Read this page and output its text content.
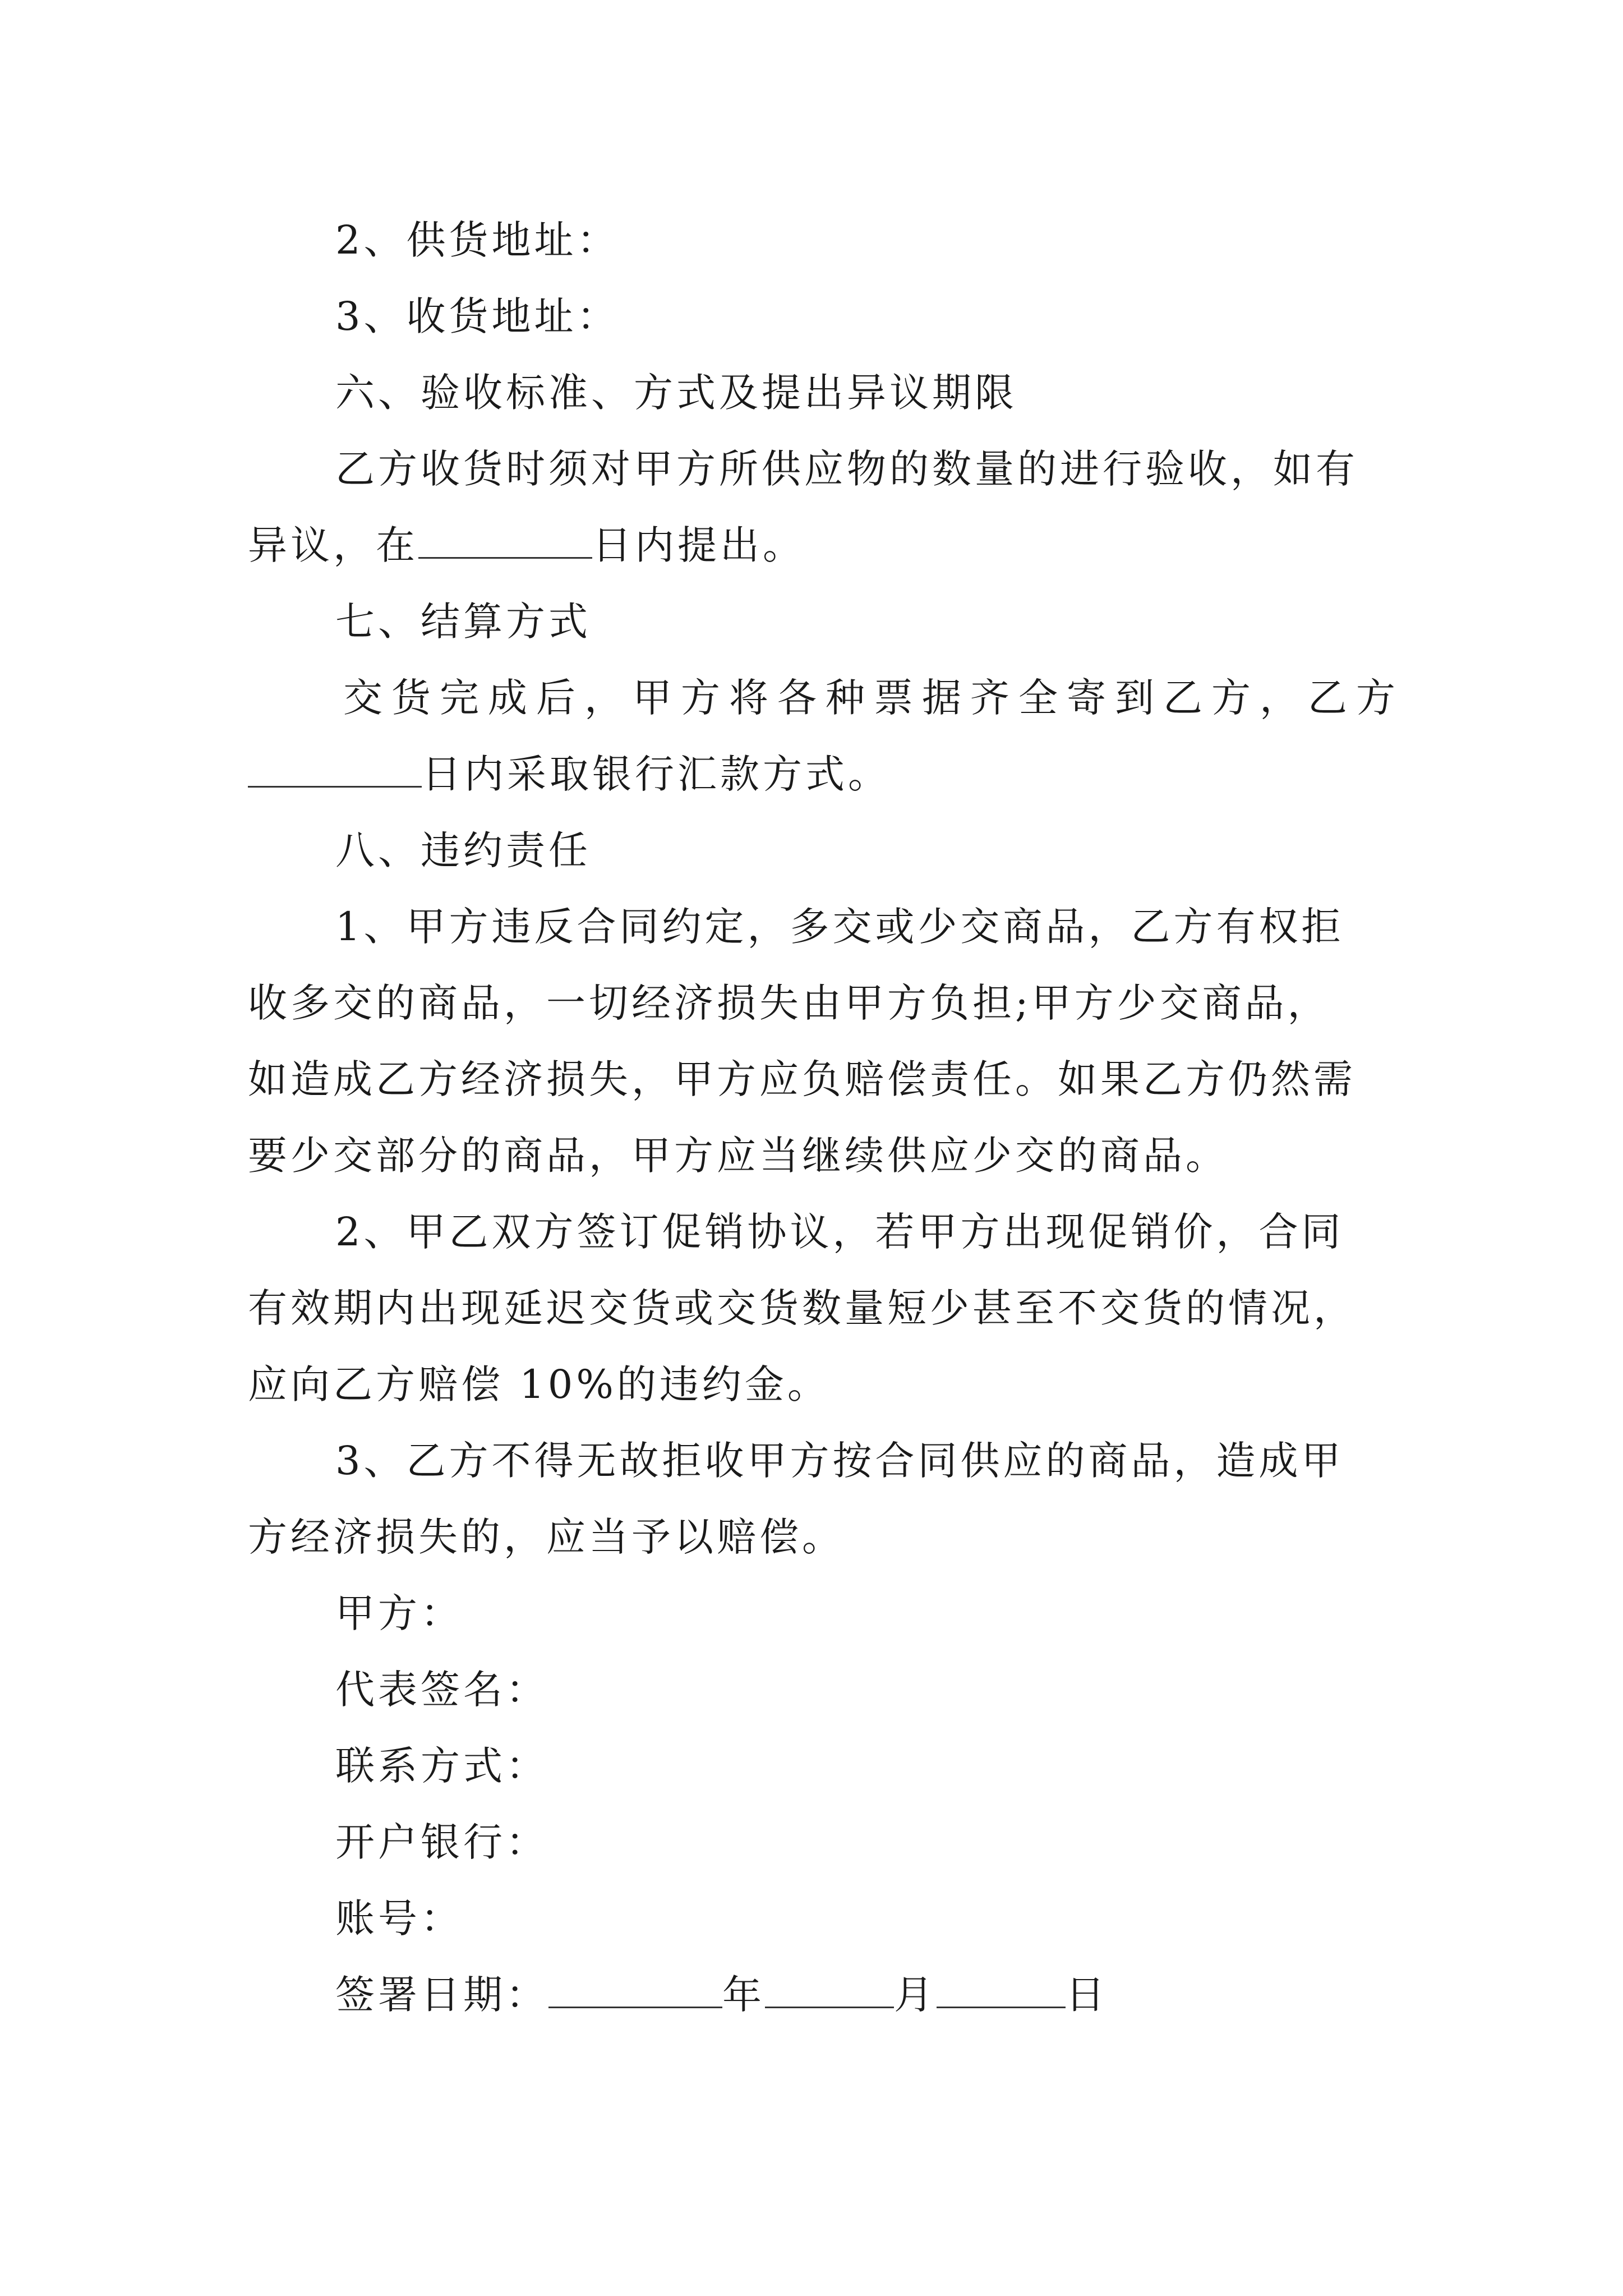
2、供货地址：
3、收货地址：
六、验收标准、方式及提出异议期限
乙方收货时须对甲方所供应物的数量的进行验收，如有
异议，在	日内提出。
七、结算方式
交货完成后，甲方将各种票据齐全寄到乙方，乙方
日内采取银行汇款方式。
八、违约责任
1、甲方违反合同约定，多交或少交商品，乙方有权拒
收多交的商品，一切经济损失由甲方负担;甲方少交商品，
如造成乙方经济损失，甲方应负赔偿责任。如果乙方仍然需
要少交部分的商品，甲方应当继续供应少交的商品。
2、甲乙双方签订促销协议，若甲方出现促销价，合同
有效期内出现延迟交货或交货数量短少甚至不交货的情况，
应向乙方赔偿 10%的违约金。
3、乙方不得无故拒收甲方按合同供应的商品，造成甲
方经济损失的，应当予以赔偿。
甲方：
代表签名：
联系方式：
开户银行：
账号：
签署日期：	年	月	日
